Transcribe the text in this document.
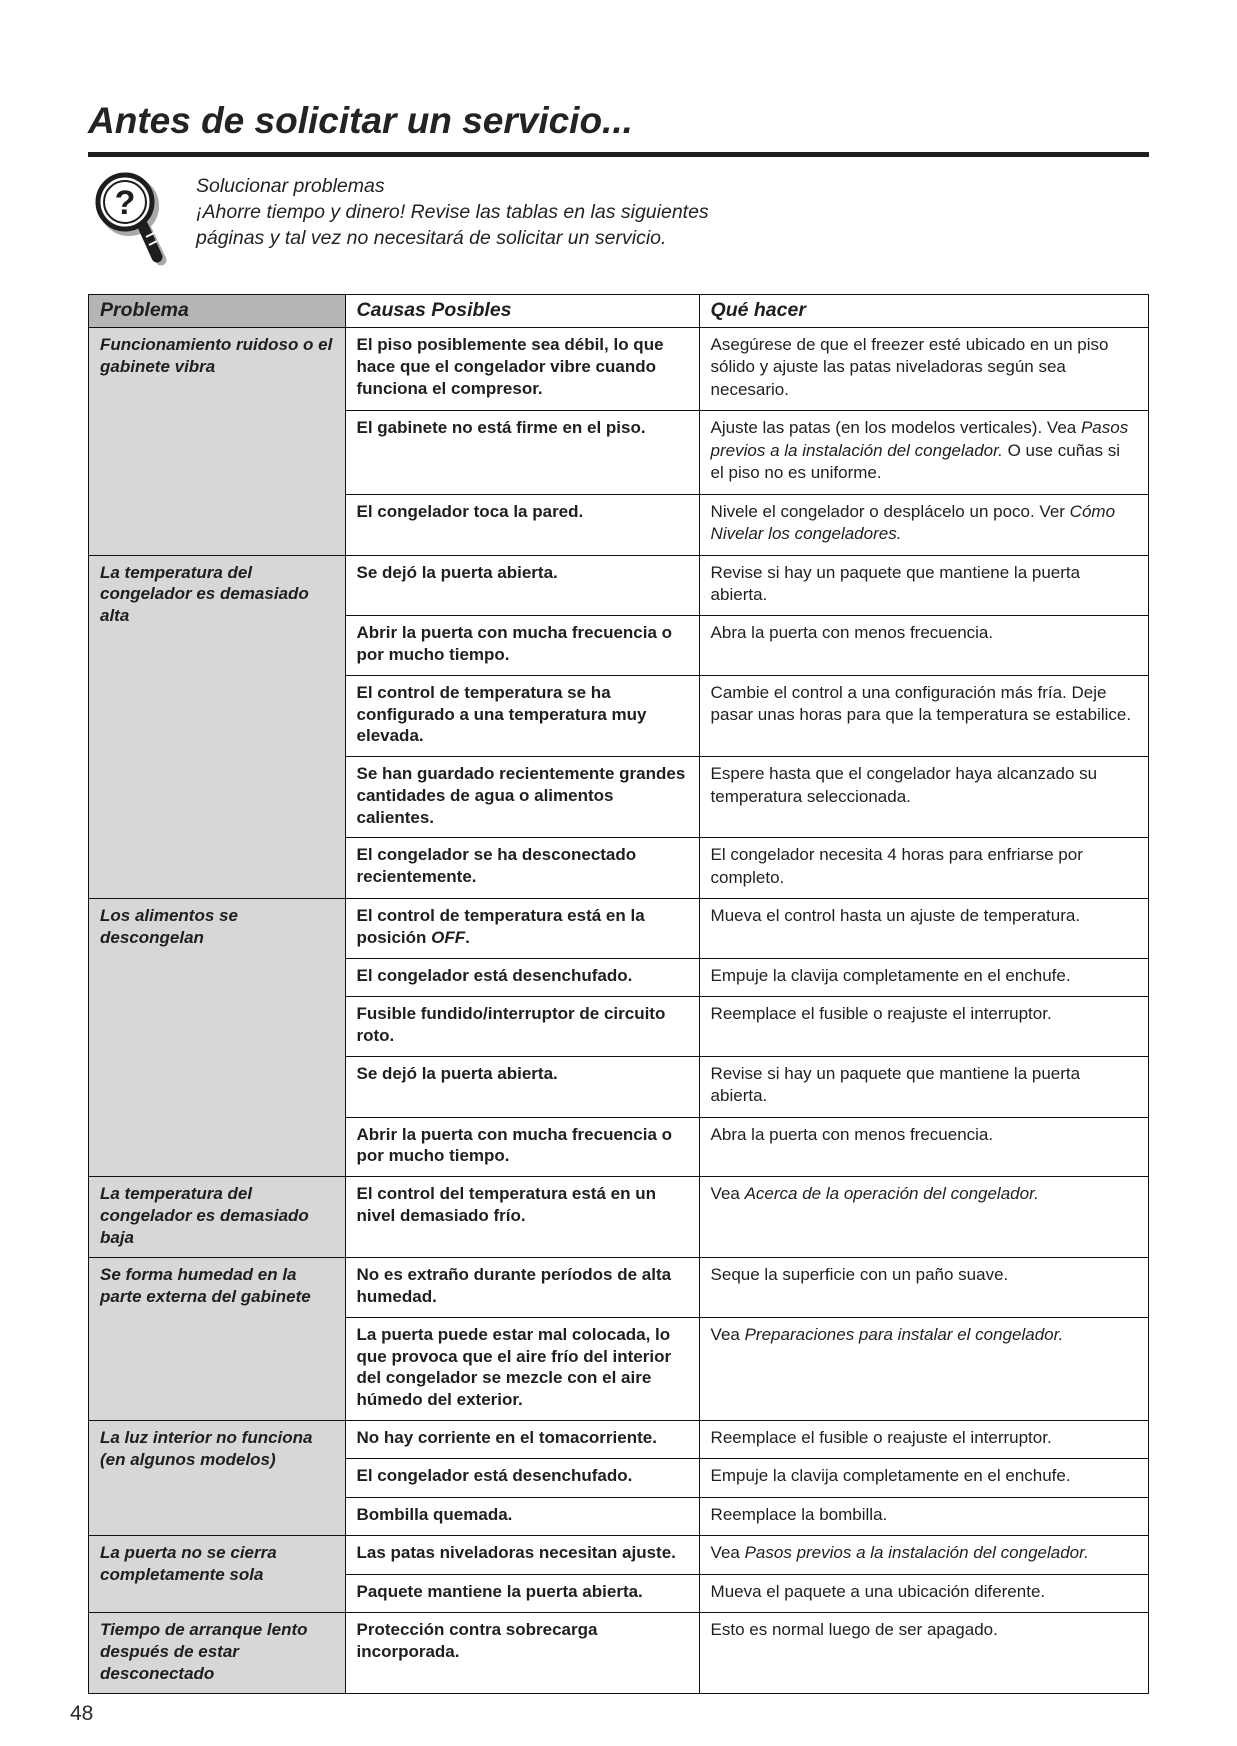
Antes de solicitar un servicio...
?	Solucionar problemas

¡Ahorre tiempo y dinero! Revise las tablas en las siguientes

páginas y tal vez no necesitará de solicitar un servicio.

Problema	Causas Posibles	Qué hacer
Funcionamiento ruidoso o el gabinete vibra	El piso posiblemente sea débil, lo que hace que el congelador vibre cuando funciona el compresor.	Asegúrese de que el freezer esté ubicado en un piso sólido y ajuste las patas niveladoras según sea necesario.
	El gabinete no está firme en el piso.	Ajuste las patas (en los modelos verticales). Vea Pasos previos a la instalación del congelador. O use cuñas si el piso no es uniforme.
	El congelador toca la pared.	Nivele el congelador o desplácelo un poco. Ver Cómo Nivelar los congeladores.
La temperatura del congelador es demasiado alta	Se dejó la puerta abierta.	Revise si hay un paquete que mantiene la puerta abierta.
	Abrir la puerta con mucha frecuencia o por mucho tiempo.	Abra la puerta con menos frecuencia.
	El control de temperatura se ha configurado a una temperatura muy elevada.	Cambie el control a una configuración más fría. Deje pasar unas horas para que la temperatura se estabilice.
	Se han guardado recientemente grandes cantidades de agua o alimentos calientes.	Espere hasta que el congelador haya alcanzado su temperatura seleccionada.
	El congelador se ha desconectado recientemente.	El congelador necesita 4 horas para enfriarse por completo.
Los alimentos se descongelan	El control de temperatura está en la posición OFF.	Mueva el control hasta un ajuste de temperatura.
	El congelador está desenchufado.	Empuje la clavija completamente en el enchufe.
	Fusible fundido/interruptor de circuito roto.	Reemplace el fusible o reajuste el interruptor.
	Se dejó la puerta abierta.	Revise si hay un paquete que mantiene la puerta abierta.
	Abrir la puerta con mucha frecuencia o por mucho tiempo.	Abra la puerta con menos frecuencia.
La temperatura del congelador es demasiado baja	El control del temperatura está en un nivel demasiado frío.	Vea Acerca de la operación del congelador.
Se forma humedad en la parte externa del gabinete	No es extraño durante períodos de alta humedad.	Seque la superficie con un paño suave.
	La puerta puede estar mal colocada, lo que provoca que el aire frío del interior del congelador se mezcle con el aire húmedo del exterior.	Vea Preparaciones para instalar el congelador.
La luz interior no funciona (en algunos modelos)	No hay corriente en el tomacorriente.	Reemplace el fusible o reajuste el interruptor.
	El congelador está desenchufado.	Empuje la clavija completamente en el enchufe.
	Bombilla quemada.	Reemplace la bombilla.
La puerta no se cierra completamente sola	Las patas niveladoras necesitan ajuste.	Vea Pasos previos a la instalación del congelador.
	Paquete mantiene la puerta abierta.	Mueva el paquete a una ubicación diferente.
Tiempo de arranque lento después de estar desconectado	Protección contra sobrecarga incorporada.	Esto es normal luego de ser apagado.
48
